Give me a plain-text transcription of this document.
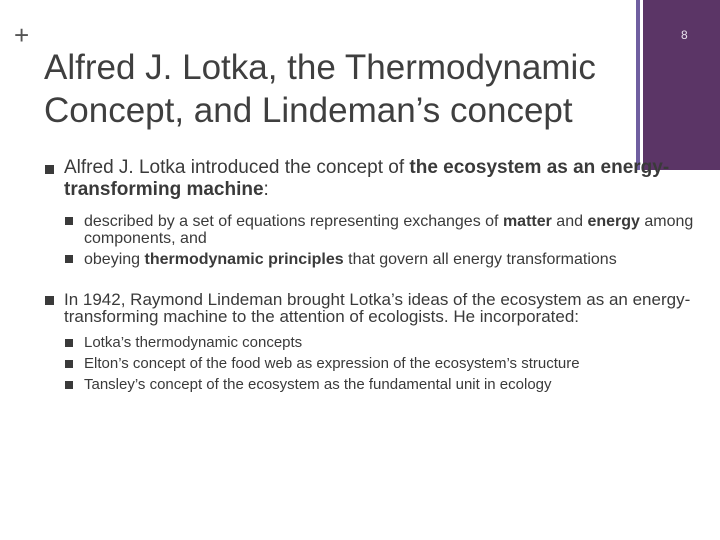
+	8
Alfred J. Lotka, the Thermodynamic
Concept, and Lindeman’s concept
Alfred J. Lotka introduced the concept of the ecosystem as an energy-transforming machine:
described by a set of equations representing exchanges of matter and energy among components, and
obeying thermodynamic principles that govern all energy transformations
In 1942, Raymond Lindeman brought Lotka’s ideas of the ecosystem as an energy-transforming machine to the attention of ecologists. He incorporated:
Lotka’s thermodynamic concepts
Elton’s concept of the food web as expression of the ecosystem’s structure
Tansley’s concept of the ecosystem as the fundamental unit in ecology
